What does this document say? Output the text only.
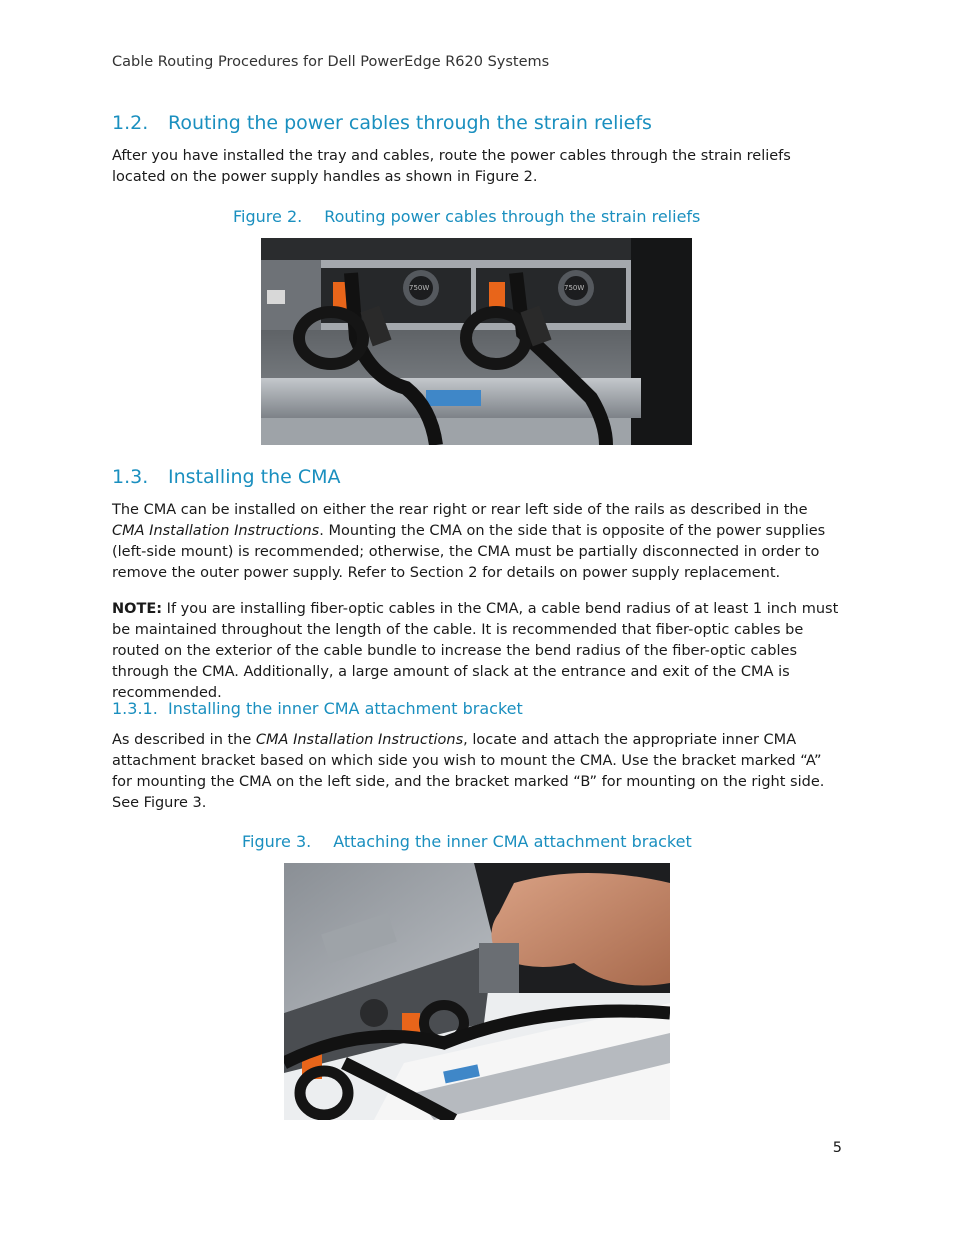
Cable Routing Procedures for Dell PowerEdge R620 Systems
1.2. Routing the power cables through the strain reliefs

After you have installed the tray and cables, route the power cables through the strain reliefs located on the power supply handles as shown in Figure 2.

Figure 2. Routing power cables through the strain reliefs
750W	750W
1.3. Installing the CMA

The CMA can be installed on either the rear right or rear left side of the rails as described in the CMA Installation Instructions. Mounting the CMA on the side that is opposite of the power supplies (left-side mount) is recommended; otherwise, the CMA must be partially disconnected in order to remove the outer power supply. Refer to Section 2 for details on power supply replacement.

NOTE: If you are installing fiber-optic cables in the CMA, a cable bend radius of at least 1 inch must be maintained throughout the length of the cable. It is recommended that fiber-optic cables be routed on the exterior of the cable bundle to increase the bend radius of the fiber-optic cables through the CMA. Additionally, a large amount of slack at the entrance and exit of the CMA is recommended.

1.3.1. Installing the inner CMA attachment bracket

As described in the CMA Installation Instructions, locate and attach the appropriate inner CMA attachment bracket based on which side you wish to mount the CMA. Use the bracket marked “A” for mounting the CMA on the left side, and the bracket marked “B” for mounting on the right side. See Figure 3.

Figure 3. Attaching the inner CMA attachment bracket
5
